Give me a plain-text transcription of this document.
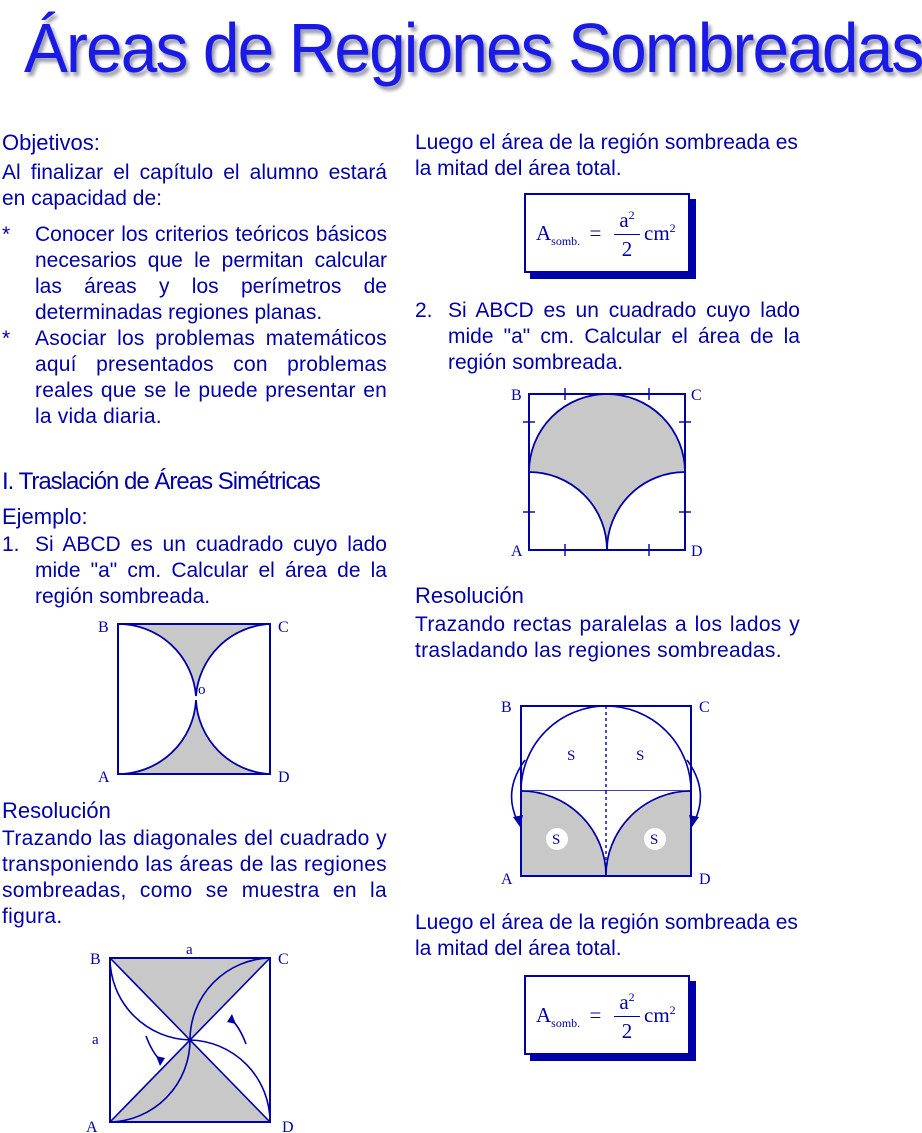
Áreas de Regiones Sombreadas
Objetivos:

Al finalizar el capítulo el alumno estará en capacidad de:

*	Conocer los criterios teóricos básicos necesarios que le permitan calcular las áreas y los perímetros de determinadas regiones planas.

*	Asociar los problemas matemáticos aquí presentados con problemas reales que se le puede presentar en la vida diaria.

I. Traslación de Áreas Simétricas
Ejemplo:
1. Si ABCD es un cuadrado cuyo lado mide "a" cm. Calcular el área de la región sombreada.

B	C
A	D
o
Resolución

Trazando las diagonales del cuadrado y transponiendo las áreas de las regiones sombreadas, como se muestra en la figura.

B	C
A	D
a
a

Luego el área de la región sombreada es la mitad del área total.

$A_{somb.}$ =
$a^2$
2
$cm^2$
2. Si ABCD es un cuadrado cuyo lado mide "a" cm. Calcular el área de la región sombreada.

B	C
A	D
Resolución

Trazando rectas paralelas a los lados y trasladando las regiones sombreadas.

S	S
S	S
B	C
A	D

Luego el área de la región sombreada es la mitad del área total.

$A_{somb.}$ =
$a^2$
2
$cm^2$
